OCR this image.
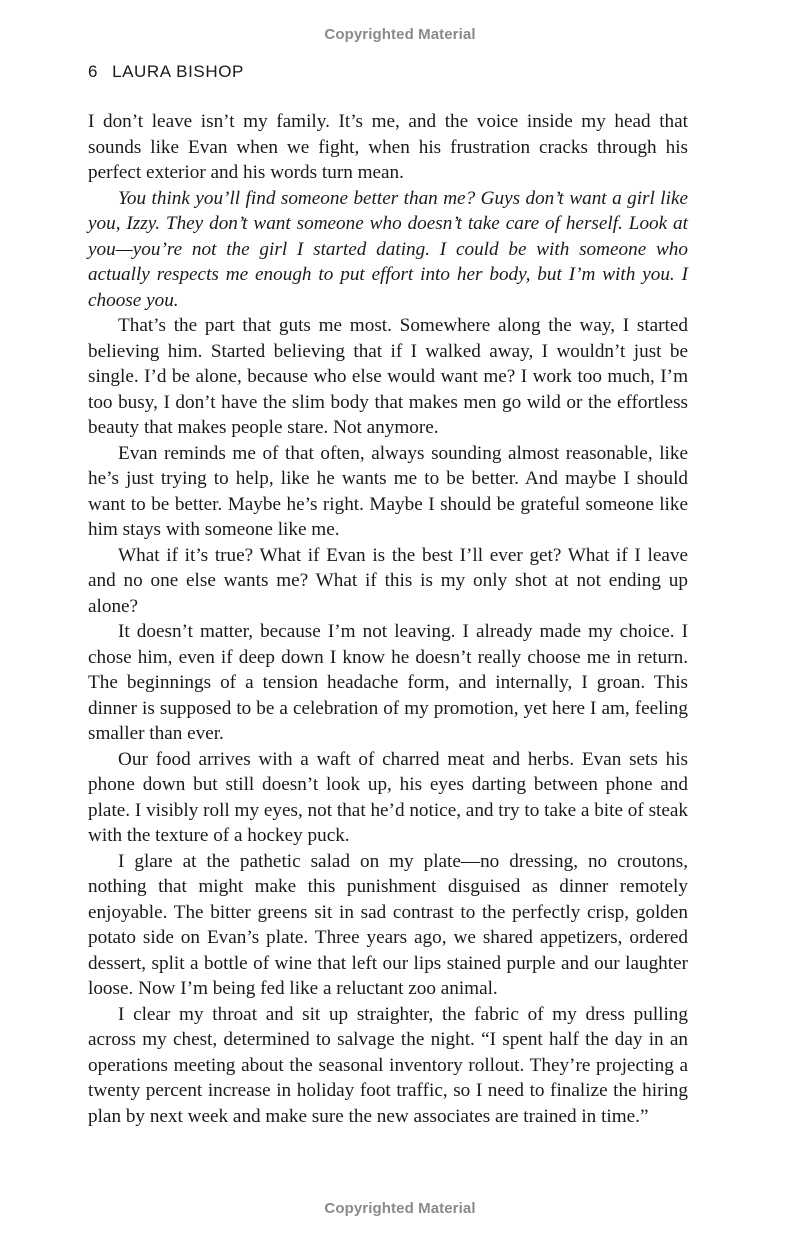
Copyrighted Material
6 LAURA BISHOP

I don’t leave isn’t my family. It’s me, and the voice inside my head that sounds like Evan when we fight, when his frustration cracks through his perfect exterior and his words turn mean.

You think you’ll find someone better than me? Guys don’t want a girl like you, Izzy. They don’t want someone who doesn’t take care of herself. Look at you—you’re not the girl I started dating. I could be with someone who actually respects me enough to put effort into her body, but I’m with you. I choose you.

That’s the part that guts me most. Somewhere along the way, I started believing him. Started believing that if I walked away, I wouldn’t just be single. I’d be alone, because who else would want me? I work too much, I’m too busy, I don’t have the slim body that makes men go wild or the effortless beauty that makes people stare. Not anymore.

Evan reminds me of that often, always sounding almost reasonable, like he’s just trying to help, like he wants me to be better. And maybe I should want to be better. Maybe he’s right. Maybe I should be grateful someone like him stays with someone like me.

What if it’s true? What if Evan is the best I’ll ever get? What if I leave and no one else wants me? What if this is my only shot at not ending up alone?

It doesn’t matter, because I’m not leaving. I already made my choice. I chose him, even if deep down I know he doesn’t really choose me in return. The beginnings of a tension headache form, and internally, I groan. This dinner is supposed to be a celebration of my promotion, yet here I am, feeling smaller than ever.

Our food arrives with a waft of charred meat and herbs. Evan sets his phone down but still doesn’t look up, his eyes darting between phone and plate. I visibly roll my eyes, not that he’d notice, and try to take a bite of steak with the texture of a hockey puck.

I glare at the pathetic salad on my plate—no dressing, no croutons, nothing that might make this punishment disguised as dinner remotely enjoyable. The bitter greens sit in sad contrast to the perfectly crisp, golden potato side on Evan’s plate. Three years ago, we shared appetizers, ordered dessert, split a bottle of wine that left our lips stained purple and our laughter loose. Now I’m being fed like a reluctant zoo animal.

I clear my throat and sit up straighter, the fabric of my dress pulling across my chest, determined to salvage the night. “I spent half the day in an operations meeting about the seasonal inventory rollout. They’re projecting a twenty percent increase in holiday foot traffic, so I need to finalize the hiring plan by next week and make sure the new associates are trained in time.”

Copyrighted Material
